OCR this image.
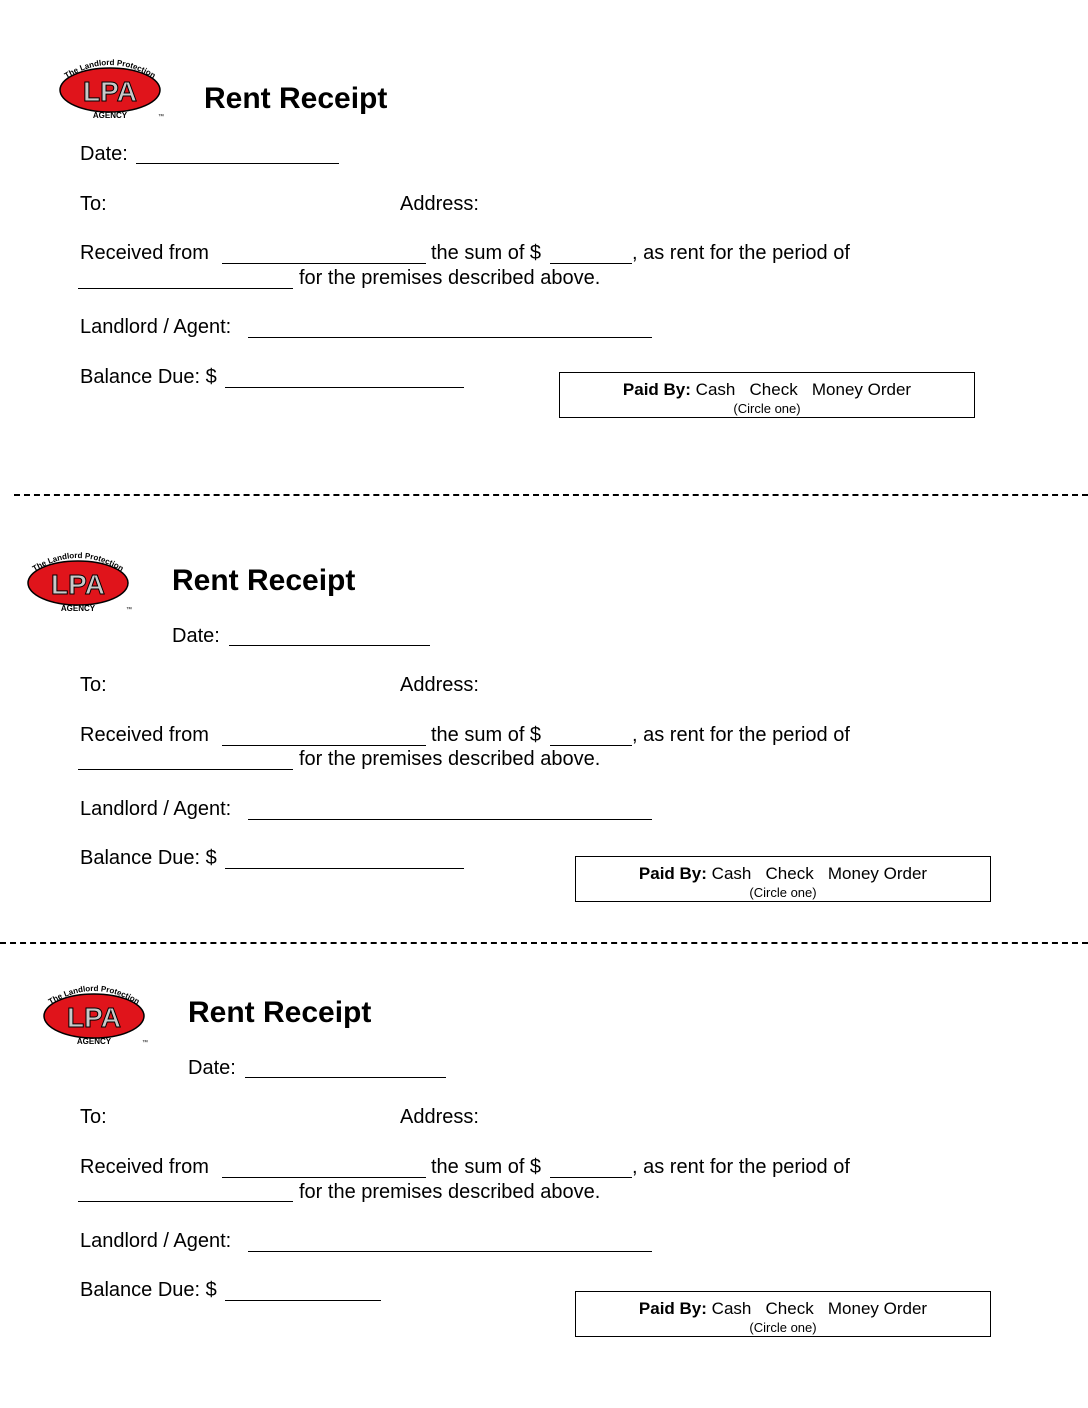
The Landlord Protection
LPA
AGENCY	™
Rent Receipt
Date:
To:	Address:
Received from	the sum of $	, as rent for the period of
for the premises described above.
Landlord / Agent:
Balance Due: $
Paid By: Cash   Check   Money Order
(Circle one)
The Landlord Protection
LPA
AGENCY	™
Rent Receipt
Date:
To:	Address:
Received from	the sum of $	, as rent for the period of
for the premises described above.
Landlord / Agent:
Balance Due: $
Paid By: Cash   Check   Money Order
(Circle one)
The Landlord Protection
LPA
AGENCY	™
Rent Receipt
Date:
To:	Address:
Received from	the sum of $	, as rent for the period of
for the premises described above.
Landlord / Agent:
Balance Due: $
Paid By: Cash   Check   Money Order
(Circle one)
